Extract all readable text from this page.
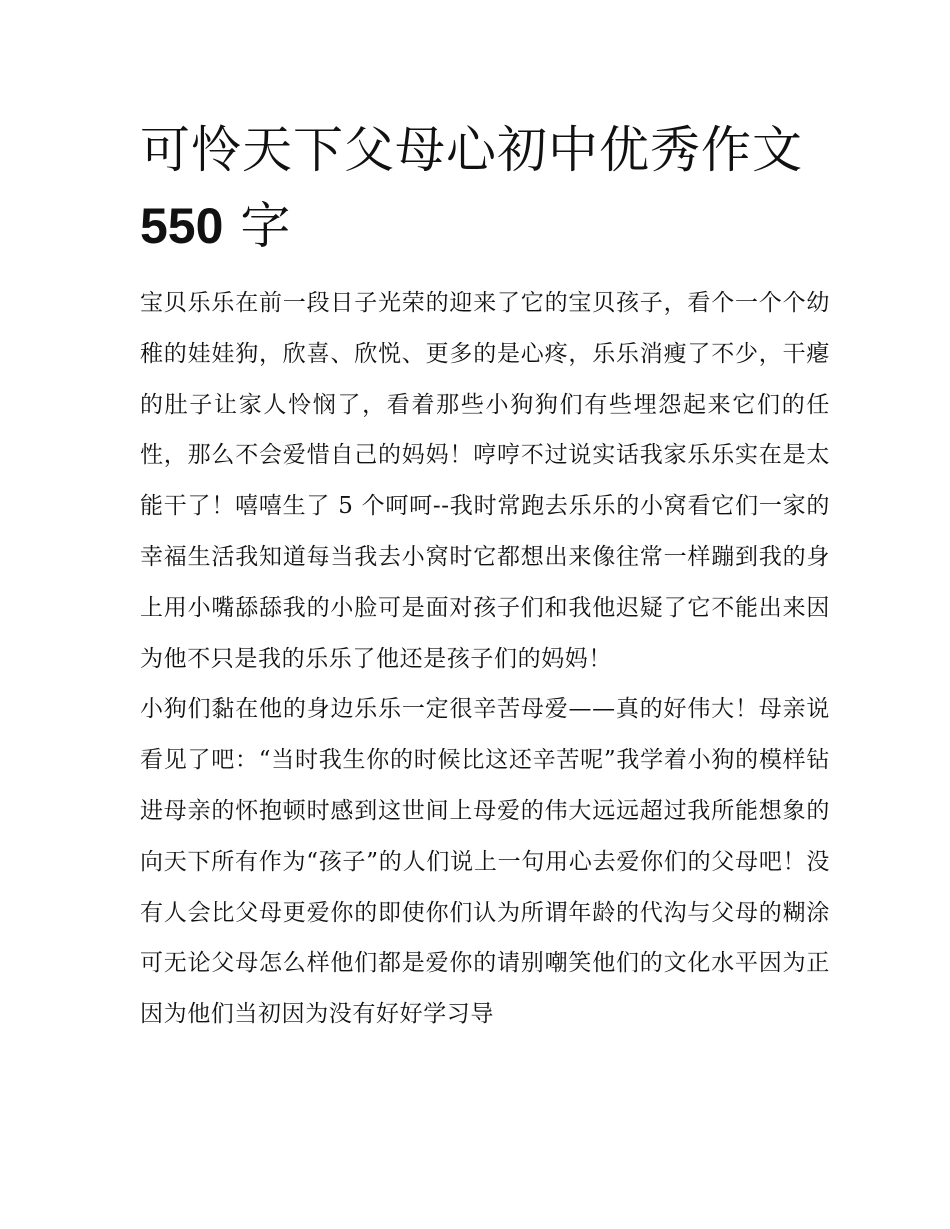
可怜天下父母心初中优秀作文
550 字

宝贝乐乐在前一段日子光荣的迎来了它的宝贝孩子，看个一个个幼稚的娃娃狗，欣喜、欣悦、更多的是心疼，乐乐消瘦了不少，干瘪的肚子让家人怜悯了，看着那些小狗狗们有些埋怨起来它们的任性，那么不会爱惜自己的妈妈！哼哼不过说实话我家乐乐实在是太能干了！嘻嘻生了 5 个呵呵--我时常跑去乐乐的小窝看它们一家的幸福生活我知道每当我去小窝时它都想出来像往常一样蹦到我的身上用小嘴舔舔我的小脸可是面对孩子们和我他迟疑了它不能出来因为他不只是我的乐乐了他还是孩子们的妈妈！

小狗们黏在他的身边乐乐一定很辛苦母爱——真的好伟大！母亲说看见了吧：“当时我生你的时候比这还辛苦呢”我学着小狗的模样钻进母亲的怀抱顿时感到这世间上母爱的伟大远远超过我所能想象的向天下所有作为“孩子”的人们说上一句用心去爱你们的父母吧！没有人会比父母更爱你的即使你们认为所谓年龄的代沟与父母的糊涂可无论父母怎么样他们都是爱你的请别嘲笑他们的文化水平因为正因为他们当初因为没有好好学习导
